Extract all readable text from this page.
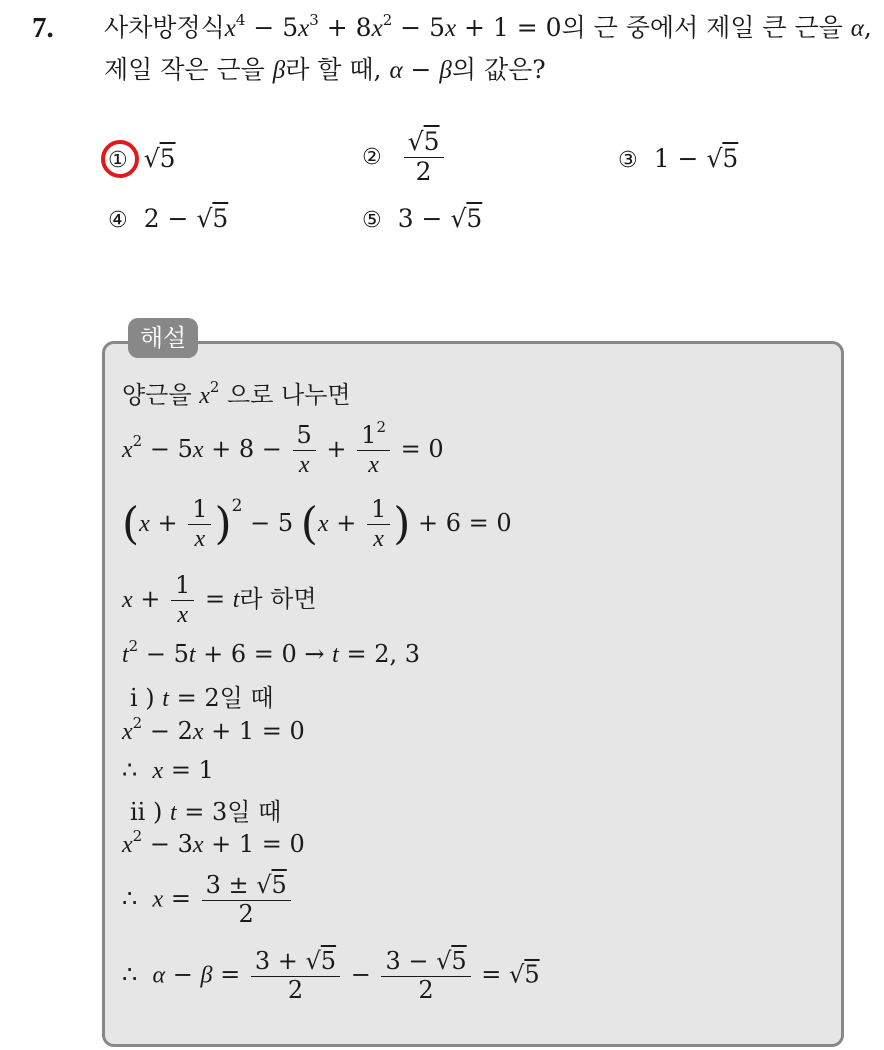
7. 사차방정식$x^4 - 5x^3 + 8x^2 - 5x + 1 = 0$의 근 중에서 제일 큰 근을 α,
제일 작은 근을 β라 할 때, α − β의 값은?
① √5	② $\frac{√5}{2}$	③ 1 − √5
④ 2 − √5	⑤ 3 − √5
해설
양근을 $x^2$ 으로 나누면
$x^2 - 5x + 8 - \frac{5}{x} + \frac{1^2}{x} = 0$
$(x + \frac{1}{x} )^2 - 5$ ($x + \frac{1}{x}$ ) + 6 = 0
$x + \frac{1}{x} = t$라 하면
$t^2 - 5t + 6 = 0 \to t = 2$, 3
i ) t = 2일 때
$x^2 - 2x + 1 = 0$
∴  x = 1
ii ) t = 3일 때
$x^2 - 3x + 1 = 0$
∴  $x = \frac{3 \pm √5}{2}$
∴  $\alpha - \beta = \frac{3 + √5}{2} - \frac{3 - √5}{2} = √5$
